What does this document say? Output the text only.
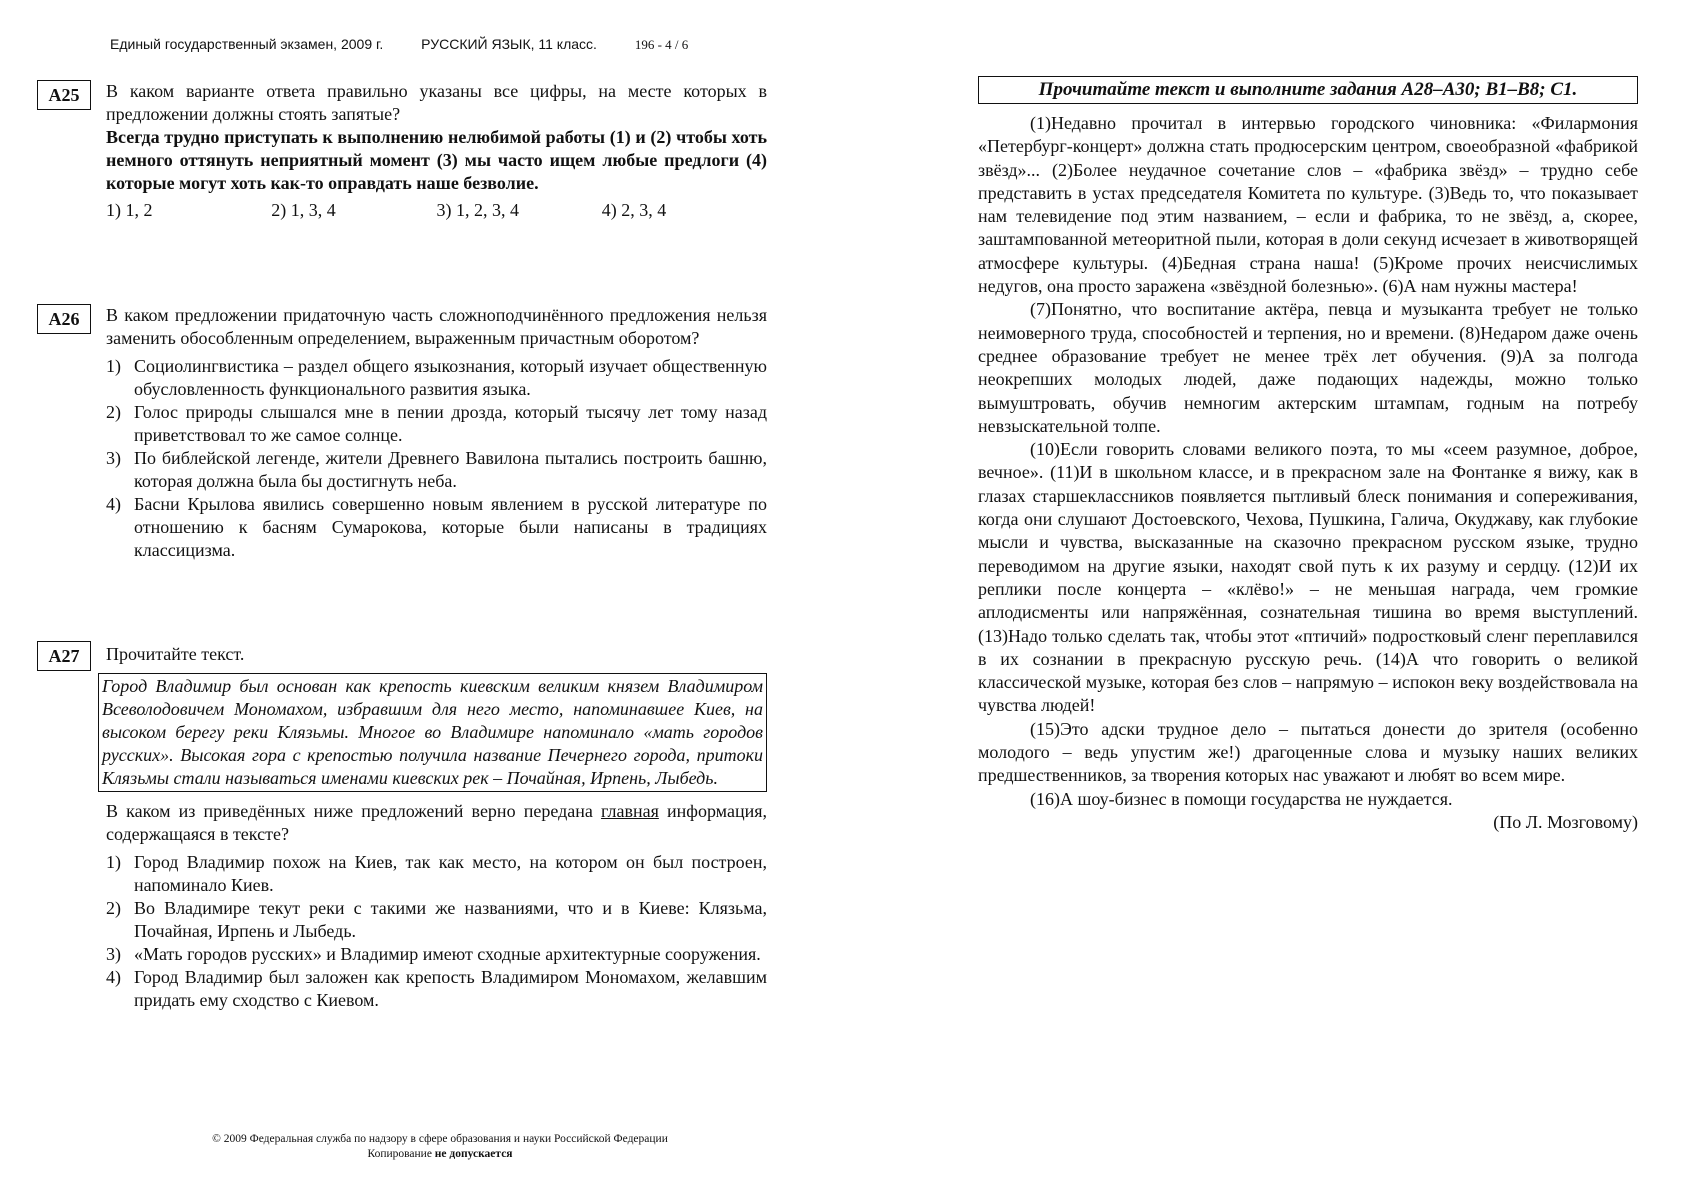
Единый государственный экзамен, 2009 г.	РУССКИЙ ЯЗЫК, 11 класс.	196 - 4 / 6
А25	В каком варианте ответа правильно указаны все цифры, на месте которых в предложении должны стоять запятые?
Всегда трудно приступать к выполнению нелюбимой работы (1) и (2) чтобы хоть немного оттянуть неприятный момент (3) мы часто ищем любые предлоги (4) которые могут хоть как-то оправдать наше безволие.
1) 1, 2	2) 1, 3, 4	3) 1, 2, 3, 4	4) 2, 3, 4
А26	В каком предложении придаточную часть сложноподчинённого предложения нельзя заменить обособленным определением, выраженным причастным оборотом?
1) Социолингвистика – раздел общего языкознания, который изучает общественную обусловленность функционального развития языка.
2) Голос природы слышался мне в пении дрозда, который тысячу лет тому назад приветствовал то же самое солнце.
3) По библейской легенде, жители Древнего Вавилона пытались построить башню, которая должна была бы достигнуть неба.
4) Басни Крылова явились совершенно новым явлением в русской литературе по отношению к басням Сумарокова, которые были написаны в традициях классицизма.
А27	Прочитайте текст.
Город Владимир был основан как крепость киевским великим князем Владимиром Всеволодовичем Мономахом, избравшим для него место, напоминавшее Киев, на высоком берегу реки Клязьмы. Многое во Владимире напоминало «мать городов русских». Высокая гора с крепостью получила название Печернего города, притоки Клязьмы стали называться именами киевских рек – Почайная, Ирпень, Лыбедь.
В каком из приведённых ниже предложений верно передана главная информация, содержащаяся в тексте?
1) Город Владимир похож на Киев, так как место, на котором он был построен, напоминало Киев.
2) Во Владимире текут реки с такими же названиями, что и в Киеве: Клязьма, Почайная, Ирпень и Лыбедь.
3) «Мать городов русских» и Владимир имеют сходные архитектурные сооружения.
4) Город Владимир был заложен как крепость Владимиром Мономахом, желавшим придать ему сходство с Киевом.
Прочитайте текст и выполните задания А28–А30; В1–В8; С1.

(1)Недавно прочитал в интервью городского чиновника: «Филармония «Петербург-концерт» должна стать продюсерским центром, своеобразной «фабрикой звёзд»... (2)Более неудачное сочетание слов – «фабрика звёзд» – трудно себе представить в устах председателя Комитета по культуре. (3)Ведь то, что показывает нам телевидение под этим названием, – если и фабрика, то не звёзд, а, скорее, заштампованной метеоритной пыли, которая в доли секунд исчезает в животворящей атмосфере культуры. (4)Бедная страна наша! (5)Кроме прочих неисчислимых недугов, она просто заражена «звёздной болезнью». (6)А нам нужны мастера!

(7)Понятно, что воспитание актёра, певца и музыканта требует не только неимоверного труда, способностей и терпения, но и времени. (8)Недаром даже очень среднее образование требует не менее трёх лет обучения. (9)А за полгода неокрепших молодых людей, даже подающих надежды, можно только вымуштровать, обучив немногим актерским штампам, годным на потребу невзыскательной толпе.

(10)Если говорить словами великого поэта, то мы «сеем разумное, доброе, вечное». (11)И в школьном классе, и в прекрасном зале на Фонтанке я вижу, как в глазах старшеклассников появляется пытливый блеск понимания и сопереживания, когда они слушают Достоевского, Чехова, Пушкина, Галича, Окуджаву, как глубокие мысли и чувства, высказанные на сказочно прекрасном русском языке, трудно переводимом на другие языки, находят свой путь к их разуму и сердцу. (12)И их реплики после концерта – «клёво!» – не меньшая награда, чем громкие аплодисменты или напряжённая, сознательная тишина во время выступлений. (13)Надо только сделать так, чтобы этот «птичий» подростковый сленг переплавился в их сознании в прекрасную русскую речь. (14)А что говорить о великой классической музыке, которая без слов – напрямую – испокон веку воздействовала на чувства людей!

(15)Это адски трудное дело – пытаться донести до зрителя (особенно молодого – ведь упустим же!) драгоценные слова и музыку наших великих предшественников, за творения которых нас уважают и любят во всем мире.

(16)А шоу-бизнес в помощи государства не нуждается.

(По Л. Мозговому)

© 2009 Федеральная служба по надзору в сфере образования и науки Российской Федерации
Копирование не допускается
